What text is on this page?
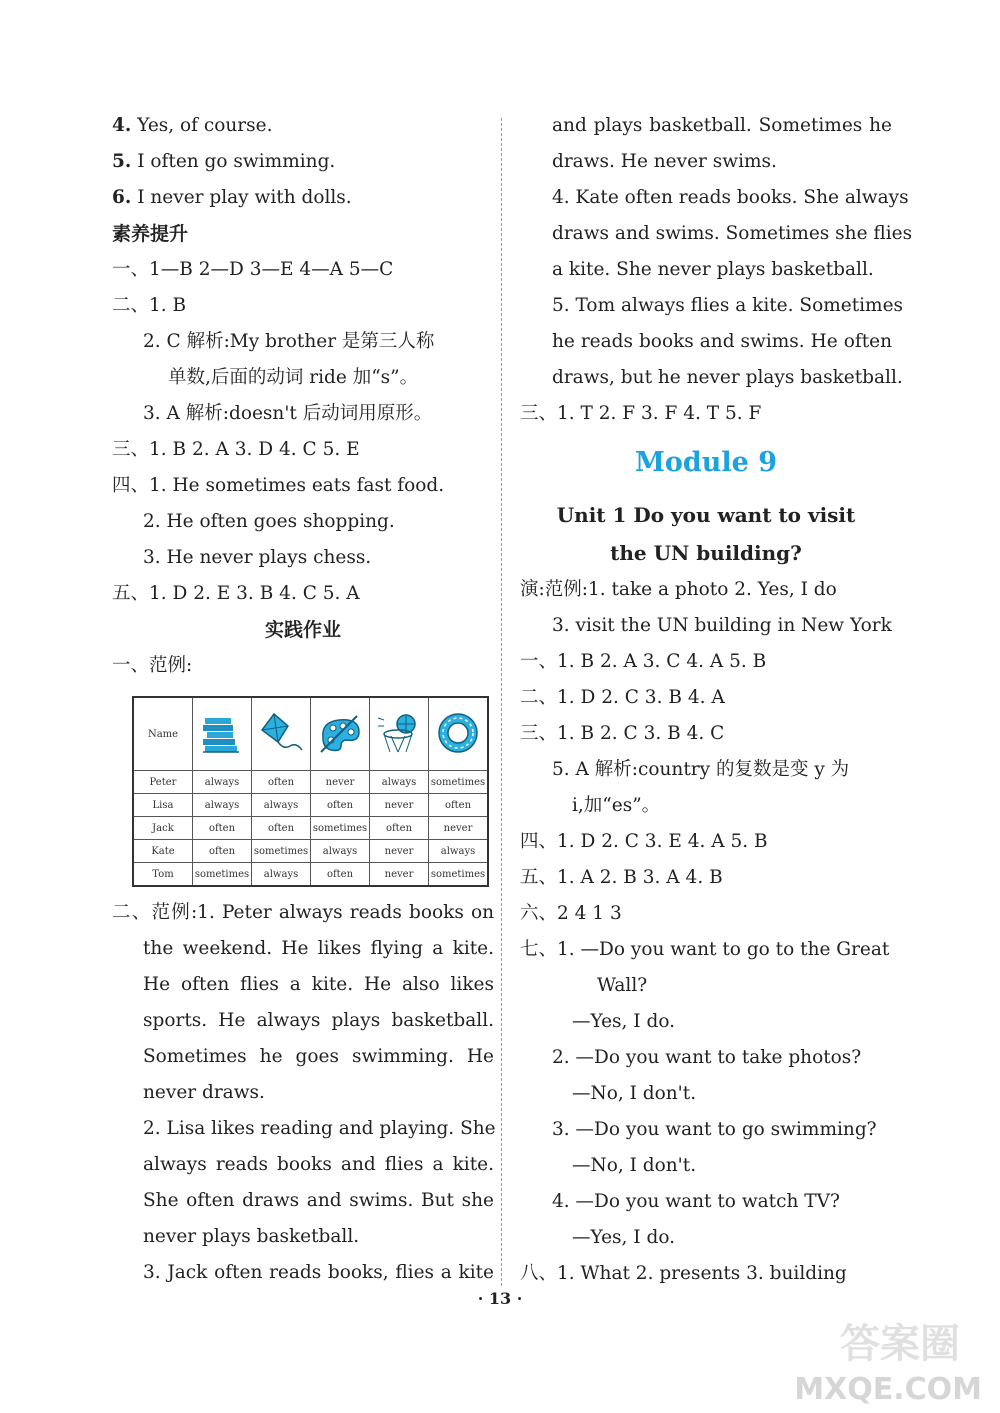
4. Yes, of course.
5. I often go swimming.
6. I never play with dolls.
素养提升
一、1—B 2—D 3—E 4—A 5—C
二、1. B
2. C 解析:My brother 是第三人称
单数,后面的动词 ride 加“s”。
3. A 解析:doesn't 后动词用原形。
三、1. B 2. A 3. D 4. C 5. E
四、1. He sometimes eats fast food.
2. He often goes shopping.
3. He never plays chess.
五、1. D 2. E 3. B 4. C 5. A
实践作业
一、范例:
Name					
Peter	always	often	never	always	sometimes
Lisa	always	always	often	never	often
Jack	often	often	sometimes	often	never
Kate	often	sometimes	always	never	always
Tom	sometimes	always	often	never	sometimes
二、范例:1. Peter always reads books on
the weekend. He likes flying a kite.
He often flies a kite. He also likes
sports. He always plays basketball.
Sometimes he goes swimming. He
never draws.
2. Lisa likes reading and playing. She
always reads books and flies a kite.
She often draws and swims. But she
never plays basketball.
3. Jack often reads books, flies a kite
and plays basketball. Sometimes he
draws. He never swims.
4. Kate often reads books. She always
draws and swims. Sometimes she flies
a kite. She never plays basketball.
5. Tom always flies a kite. Sometimes
he reads books and swims. He often
draws, but he never plays basketball.
三、1. T 2. F 3. F 4. T 5. F
Module 9
Unit 1 Do you want to visit
the UN building?
演:范例:1. take a photo 2. Yes, I do
3. visit the UN building in New York
一、1. B 2. A 3. C 4. A 5. B
二、1. D 2. C 3. B 4. A
三、1. B 2. C 3. B 4. C
5. A 解析:country 的复数是变 y 为
i,加“es”。
四、1. D 2. C 3. E 4. A 5. B
五、1. A 2. B 3. A 4. B
六、2 4 1 3
七、1. —Do you want to go to the Great
Wall?
—Yes, I do.
2. —Do you want to take photos?
—No, I don't.
3. —Do you want to go swimming?
—No, I don't.
4. —Do you want to watch TV?
—Yes, I do.
八、1. What 2. presents 3. building
· 13 ·
答案圈
MXQE.COM
